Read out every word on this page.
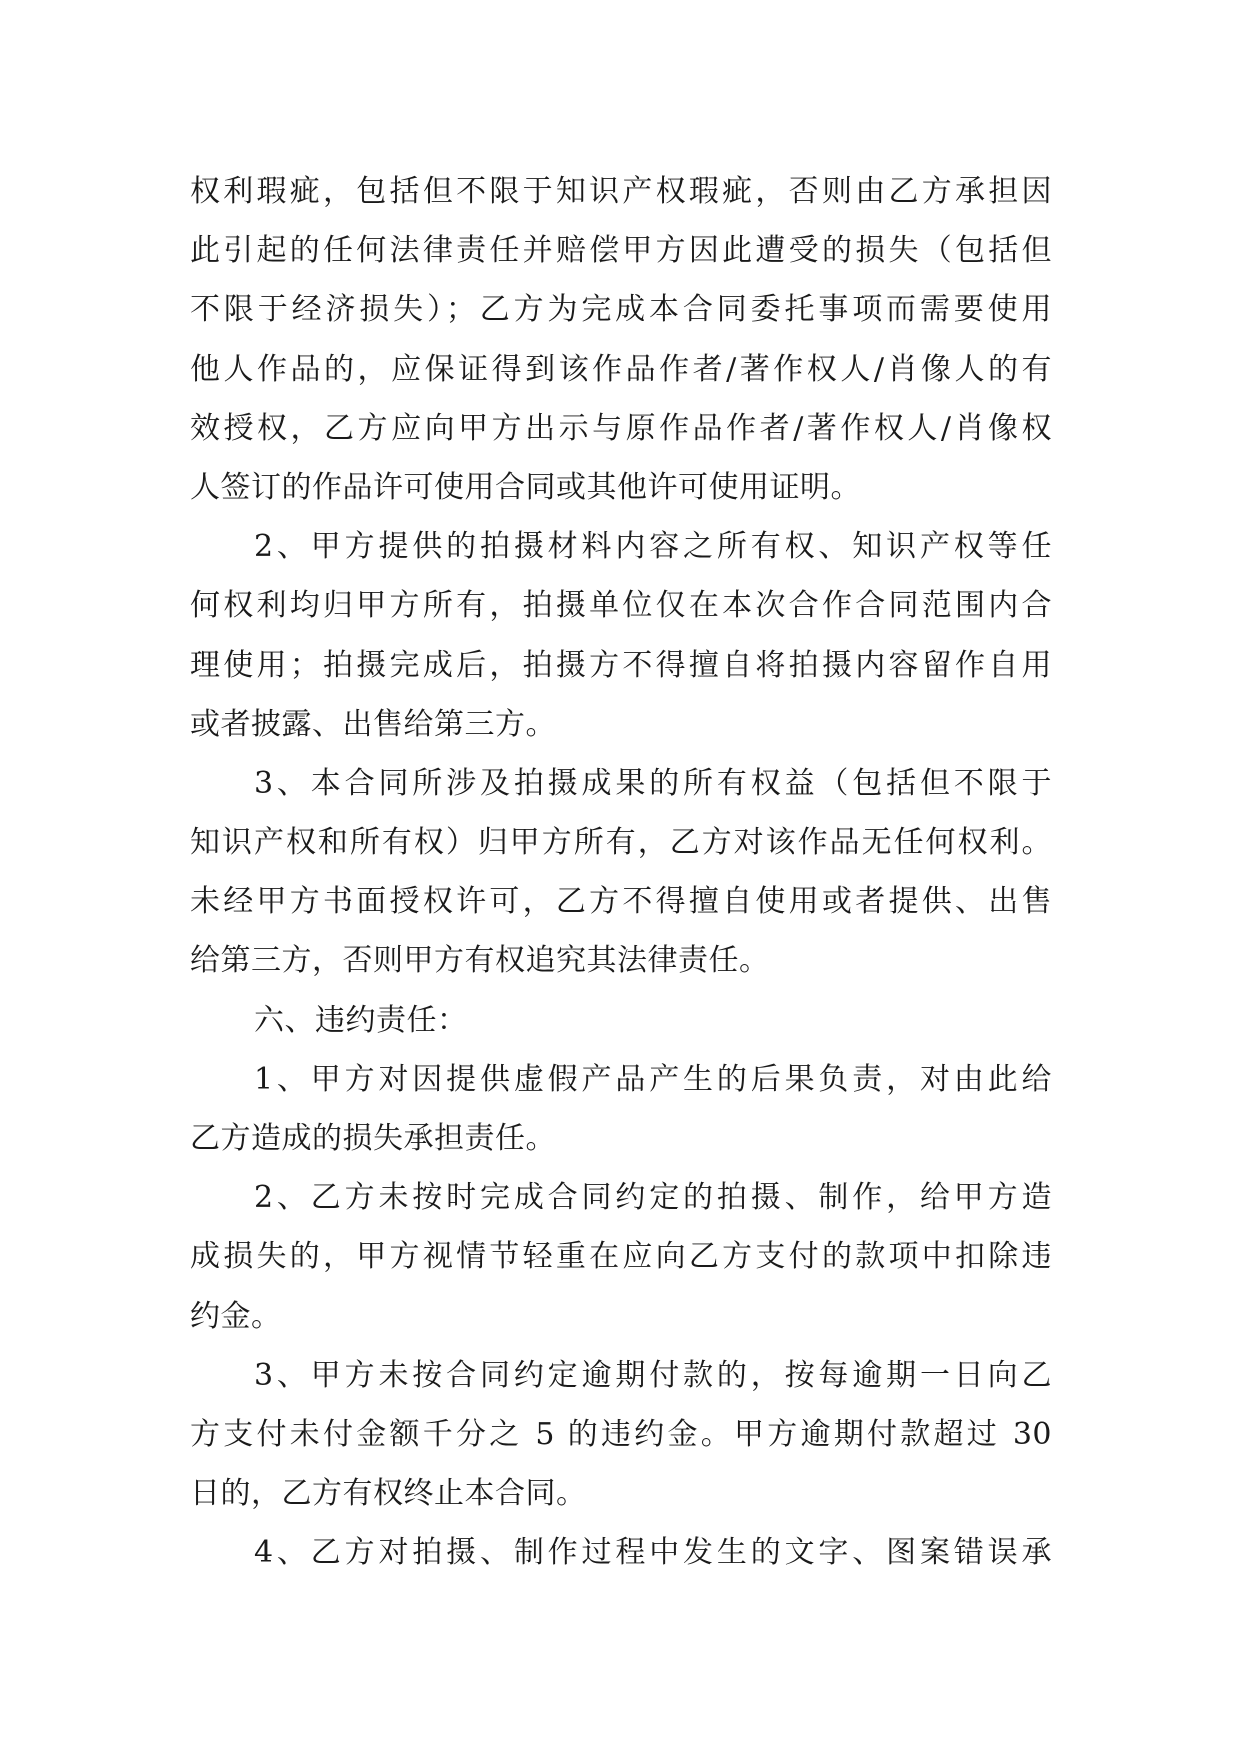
权利瑕疵，包括但不限于知识产权瑕疵，否则由乙方承担因
此引起的任何法律责任并赔偿甲方因此遭受的损失（包括但
不限于经济损失）；乙方为完成本合同委托事项而需要使用
他人作品的，应保证得到该作品作者/著作权人/肖像人的有
效授权，乙方应向甲方出示与原作品作者/著作权人/肖像权
人签订的作品许可使用合同或其他许可使用证明。
2、甲方提供的拍摄材料内容之所有权、知识产权等任
何权利均归甲方所有，拍摄单位仅在本次合作合同范围内合
理使用；拍摄完成后，拍摄方不得擅自将拍摄内容留作自用
或者披露、出售给第三方。
3、本合同所涉及拍摄成果的所有权益（包括但不限于
知识产权和所有权）归甲方所有，乙方对该作品无任何权利。
未经甲方书面授权许可，乙方不得擅自使用或者提供、出售
给第三方，否则甲方有权追究其法律责任。
六、违约责任：
1、甲方对因提供虚假产品产生的后果负责，对由此给
乙方造成的损失承担责任。
2、乙方未按时完成合同约定的拍摄、制作，给甲方造
成损失的，甲方视情节轻重在应向乙方支付的款项中扣除违
约金。
3、甲方未按合同约定逾期付款的，按每逾期一日向乙
方支付未付金额千分之 5 的违约金。甲方逾期付款超过 30
日的，乙方有权终止本合同。
4、乙方对拍摄、制作过程中发生的文字、图案错误承
